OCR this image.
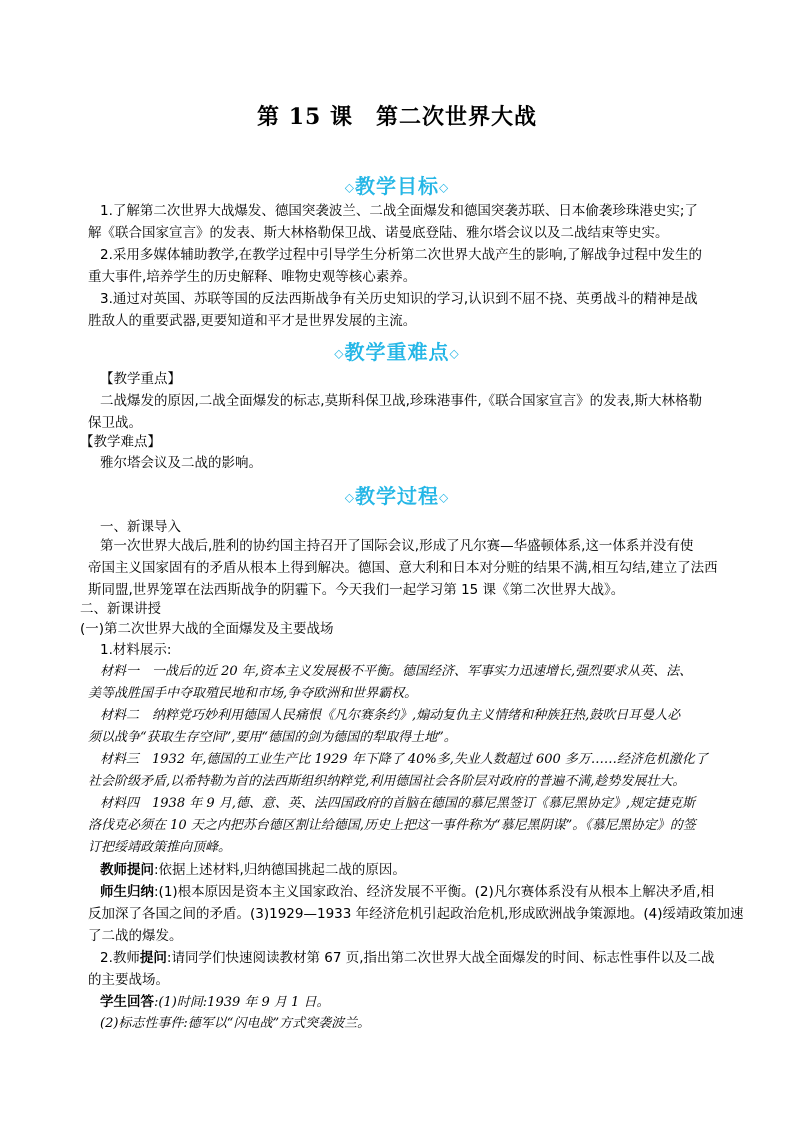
第 15 课　第二次世界大战
◇教学目标◇
1.了解第二次世界大战爆发、德国突袭波兰、二战全面爆发和德国突袭苏联、日本偷袭珍珠港史实;了
解《联合国家宣言》的发表、斯大林格勒保卫战、诺曼底登陆、雅尔塔会议以及二战结束等史实。
2.采用多媒体辅助教学,在教学过程中引导学生分析第二次世界大战产生的影响,了解战争过程中发生的
重大事件,培养学生的历史解释、唯物史观等核心素养。
3.通过对英国、苏联等国的反法西斯战争有关历史知识的学习,认识到不屈不挠、英勇战斗的精神是战
胜敌人的重要武器,更要知道和平才是世界发展的主流。
◇教学重难点◇
【教学重点】
二战爆发的原因,二战全面爆发的标志,莫斯科保卫战,珍珠港事件,《联合国家宣言》的发表,斯大林格勒
保卫战。
【教学难点】
雅尔塔会议及二战的影响。
◇教学过程◇
一、新课导入
第一次世界大战后,胜利的协约国主持召开了国际会议,形成了凡尔赛—华盛顿体系,这一体系并没有使
帝国主义国家固有的矛盾从根本上得到解决。德国、意大利和日本对分赃的结果不满,相互勾结,建立了法西
斯同盟,世界笼罩在法西斯战争的阴霾下。今天我们一起学习第 15 课《第二次世界大战》。
二、新课讲授
(一)第二次世界大战的全面爆发及主要战场
1.材料展示:
材料一　一战后的近 20 年,资本主义发展极不平衡。德国经济、军事实力迅速增长,强烈要求从英、法、
美等战胜国手中夺取殖民地和市场,争夺欧洲和世界霸权。
材料二　纳粹党巧妙利用德国人民痛恨《凡尔赛条约》,煽动复仇主义情绪和种族狂热,鼓吹日耳曼人必
须以战争“获取生存空间”,要用“德国的剑为德国的犁取得土地”。
材料三　1932 年,德国的工业生产比 1929 年下降了 40%多,失业人数超过 600 多万……经济危机激化了
社会阶级矛盾,以希特勒为首的法西斯组织纳粹党,利用德国社会各阶层对政府的普遍不满,趁势发展壮大。
材料四　1938 年 9 月,德、意、英、法四国政府的首脑在德国的慕尼黑签订《慕尼黑协定》,规定捷克斯
洛伐克必须在 10 天之内把苏台德区割让给德国,历史上把这一事件称为“慕尼黑阴谋”。《慕尼黑协定》的签
订把绥靖政策推向顶峰。
教师提问:依据上述材料,归纳德国挑起二战的原因。
师生归纳:(1)根本原因是资本主义国家政治、经济发展不平衡。(2)凡尔赛体系没有从根本上解决矛盾,相
反加深了各国之间的矛盾。(3)1929—1933 年经济危机引起政治危机,形成欧洲战争策源地。(4)绥靖政策加速
了二战的爆发。
2.教师提问:请同学们快速阅读教材第 67 页,指出第二次世界大战全面爆发的时间、标志性事件以及二战
的主要战场。
学生回答:(1)时间:1939 年 9 月 1 日。
(2)标志性事件:德军以“闪电战”方式突袭波兰。
